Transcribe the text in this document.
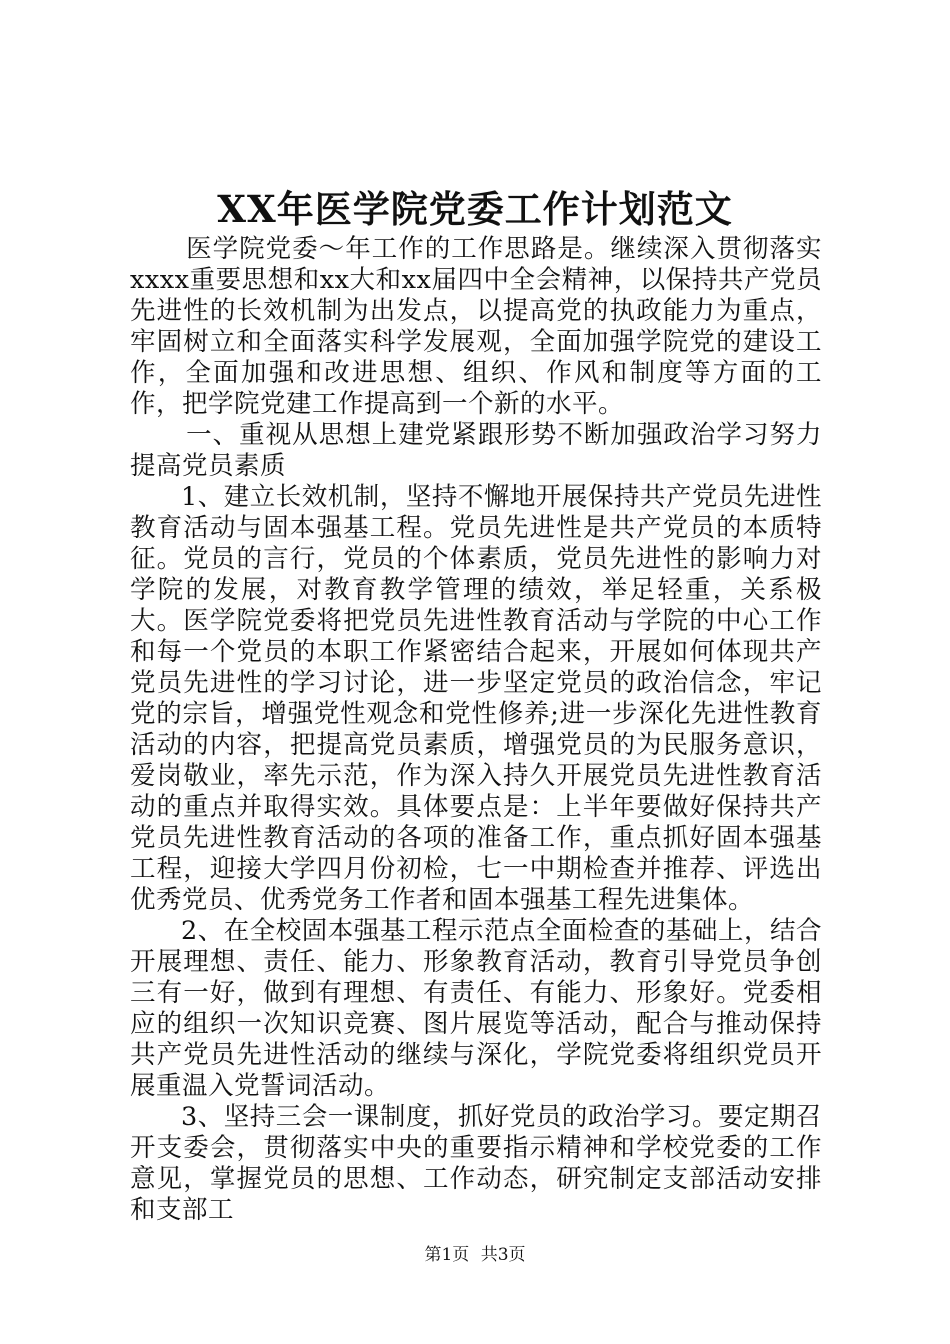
XX年医学院党委工作计划范文

医学院党委～年工作的工作思路是。继续深入贯彻落实xxxx重要思想和xx大和xx届四中全会精神，以保持共产党员先进性的长效机制为出发点，以提高党的执政能力为重点，牢固树立和全面落实科学发展观，全面加强学院党的建设工作，全面加强和改进思想、组织、作风和制度等方面的工作，把学院党建工作提高到一个新的水平。

一、重视从思想上建党紧跟形势不断加强政治学习努力提高党员素质

1、建立长效机制，坚持不懈地开展保持共产党员先进性教育活动与固本强基工程。党员先进性是共产党员的本质特征。党员的言行，党员的个体素质，党员先进性的影响力对学院的发展，对教育教学管理的绩效，举足轻重，关系极大。医学院党委将把党员先进性教育活动与学院的中心工作和每一个党员的本职工作紧密结合起来，开展如何体现共产党员先进性的学习讨论，进一步坚定党员的政治信念，牢记党的宗旨，增强党性观念和党性修养;进一步深化先进性教育活动的内容，把提高党员素质，增强党员的为民服务意识，爱岗敬业，率先示范，作为深入持久开展党员先进性教育活动的重点并取得实效。具体要点是：上半年要做好保持共产党员先进性教育活动的各项的准备工作，重点抓好固本强基工程，迎接大学四月份初检，七一中期检查并推荐、评选出优秀党员、优秀党务工作者和固本强基工程先进集体。

2、在全校固本强基工程示范点全面检查的基础上，结合开展理想、责任、能力、形象教育活动，教育引导党员争创三有一好，做到有理想、有责任、有能力、形象好。党委相应的组织一次知识竞赛、图片展览等活动，配合与推动保持共产党员先进性活动的继续与深化，学院党委将组织党员开展重温入党誓词活动。

3、坚持三会一课制度，抓好党员的政治学习。要定期召开支委会，贯彻落实中央的重要指示精神和学校党委的工作意见，掌握党员的思想、工作动态，研究制定支部活动安排和支部工

第1页 共3页
